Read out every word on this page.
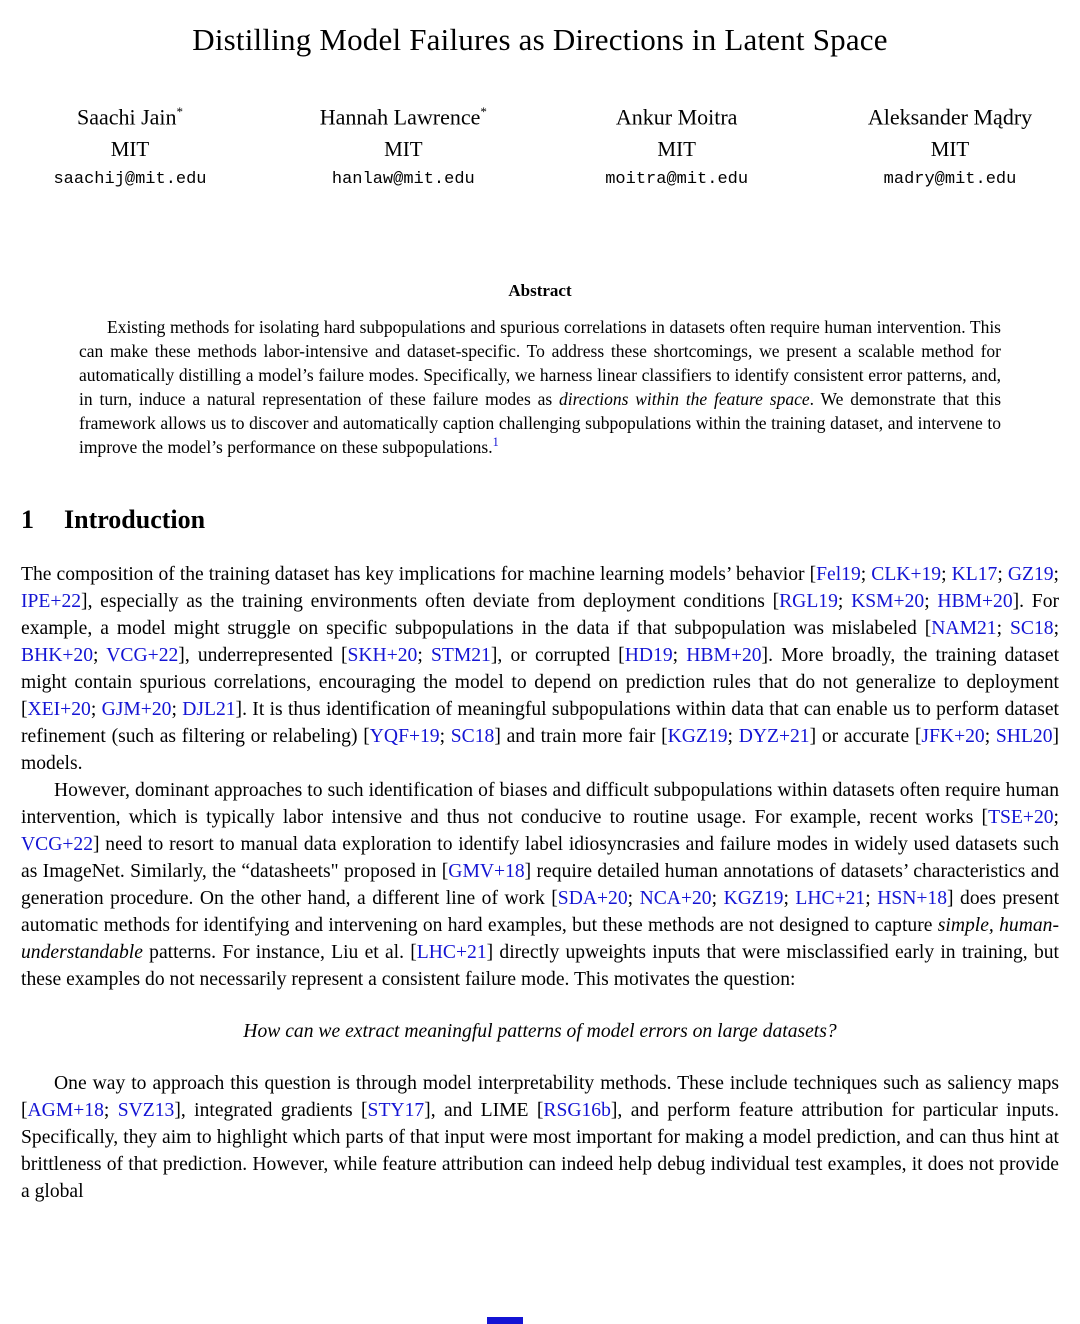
Distilling Model Failures as Directions in Latent Space
Saachi Jain*
MIT
saachij@mit.edu
Hannah Lawrence*
MIT
hanlaw@mit.edu
Ankur Moitra
MIT
moitra@mit.edu
Aleksander Mądry
MIT
madry@mit.edu
Abstract

Existing methods for isolating hard subpopulations and spurious correlations in datasets often require human intervention. This can make these methods labor-intensive and dataset-specific. To address these shortcomings, we present a scalable method for automatically distilling a model’s failure modes. Specifically, we harness linear classifiers to identify consistent error patterns, and, in turn, induce a natural representation of these failure modes as directions within the feature space. We demonstrate that this framework allows us to discover and automatically caption challenging subpopulations within the training dataset, and intervene to improve the model’s performance on these subpopulations.$^1$

1 Introduction

The composition of the training dataset has key implications for machine learning models’ behavior [Fel19; CLK+19; KL17; GZ19; IPE+22], especially as the training environments often deviate from deployment conditions [RGL19; KSM+20; HBM+20]. For example, a model might struggle on specific subpopulations in the data if that subpopulation was mislabeled [NAM21; SC18; BHK+20; VCG+22], underrepresented [SKH+20; STM21], or corrupted [HD19; HBM+20]. More broadly, the training dataset might contain spurious correlations, encouraging the model to depend on prediction rules that do not generalize to deployment [XEI+20; GJM+20; DJL21]. It is thus identification of meaningful subpopulations within data that can enable us to perform dataset refinement (such as filtering or relabeling) [YQF+19; SC18] and train more fair [KGZ19; DYZ+21] or accurate [JFK+20; SHL20] models.

However, dominant approaches to such identification of biases and difficult subpopulations within datasets often require human intervention, which is typically labor intensive and thus not conducive to routine usage. For example, recent works [TSE+20; VCG+22] need to resort to manual data exploration to identify label idiosyncrasies and failure modes in widely used datasets such as ImageNet. Similarly, the “datasheets" proposed in [GMV+18] require detailed human annotations of datasets’ characteristics and generation procedure. On the other hand, a different line of work [SDA+20; NCA+20; KGZ19; LHC+21; HSN+18] does present automatic methods for identifying and intervening on hard examples, but these methods are not designed to capture simple, human-understandable patterns. For instance, Liu et al. [LHC+21] directly upweights inputs that were misclassified early in training, but these examples do not necessarily represent a consistent failure mode. This motivates the question:

How can we extract meaningful patterns of model errors on large datasets?

One way to approach this question is through model interpretability methods. These include techniques such as saliency maps [AGM+18; SVZ13], integrated gradients [STY17], and LIME [RSG16b], and perform feature attribution for particular inputs. Specifically, they aim to highlight which parts of that input were most important for making a model prediction, and can thus hint at brittleness of that prediction. However, while feature attribution can indeed help debug individual test examples, it does not provide a global
